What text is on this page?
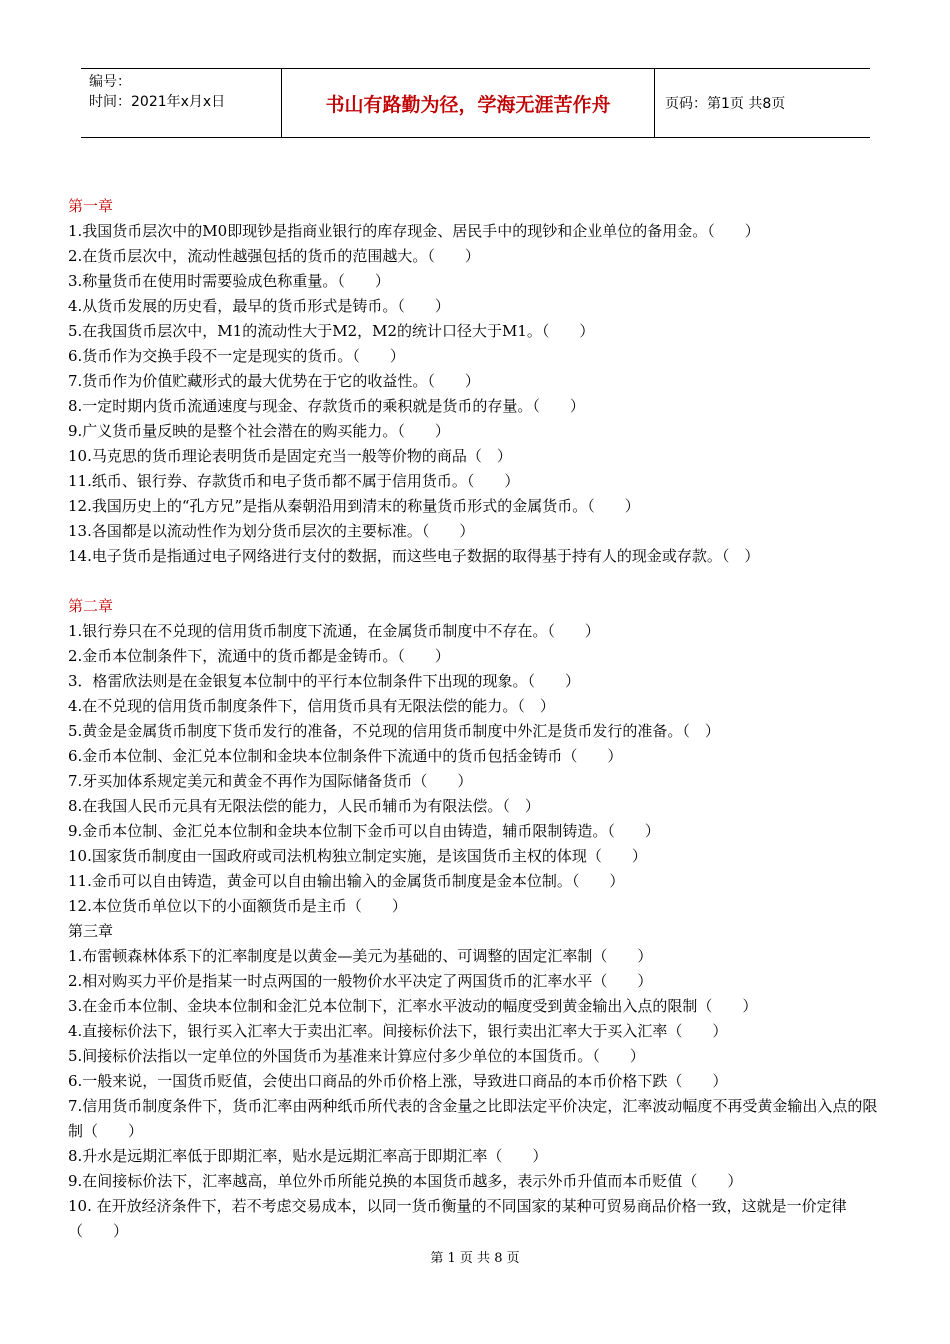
编号：
时间：2021年x月x日	书山有路勤为径，学海无涯苦作舟	页码：第1页 共8页
第一章
1.我国货币层次中的M0即现钞是指商业银行的库存现金、居民手中的现钞和企业单位的备用金。（　　）
2.在货币层次中，流动性越强包括的货币的范围越大。（　　）
3.称量货币在使用时需要验成色称重量。（　　）
4.从货币发展的历史看，最早的货币形式是铸币。（　　）
5.在我国货币层次中，M1的流动性大于M2，M2的统计口径大于M1。（　　）
6.货币作为交换手段不一定是现实的货币。（　　）
7.货币作为价值贮藏形式的最大优势在于它的收益性。（　　）
8.一定时期内货币流通速度与现金、存款货币的乘积就是货币的存量。（　　）
9.广义货币量反映的是整个社会潜在的购买能力。（　　）
10.马克思的货币理论表明货币是固定充当一般等价物的商品（　）
11.纸币、银行券、存款货币和电子货币都不属于信用货币。（　　）
12.我国历史上的“孔方兄”是指从秦朝沿用到清末的称量货币形式的金属货币。（　　）
13.各国都是以流动性作为划分货币层次的主要标准。（　　）
14.电子货币是指通过电子网络进行支付的数据，而这些电子数据的取得基于持有人的现金或存款。（　）
第二章
1.银行券只在不兑现的信用货币制度下流通，在金属货币制度中不存在。（　　）
2.金币本位制条件下，流通中的货币都是金铸币。（　　）
3．格雷欣法则是在金银复本位制中的平行本位制条件下出现的现象。（　　）
4.在不兑现的信用货币制度条件下，信用货币具有无限法偿的能力。（　）
5.黄金是金属货币制度下货币发行的准备，不兑现的信用货币制度中外汇是货币发行的准备。（　）
6.金币本位制、金汇兑本位制和金块本位制条件下流通中的货币包括金铸币（　　）
7.牙买加体系规定美元和黄金不再作为国际储备货币（　　）
8.在我国人民币元具有无限法偿的能力，人民币辅币为有限法偿。（　）
9.金币本位制、金汇兑本位制和金块本位制下金币可以自由铸造，辅币限制铸造。（　　）
10.国家货币制度由一国政府或司法机构独立制定实施，是该国货币主权的体现（　　）
11.金币可以自由铸造，黄金可以自由输出输入的金属货币制度是金本位制。（　　）
12.本位货币单位以下的小面额货币是主币（　　）
第三章
1.布雷顿森林体系下的汇率制度是以黄金—美元为基础的、可调整的固定汇率制（　　）
2.相对购买力平价是指某一时点两国的一般物价水平决定了两国货币的汇率水平（　　）
3.在金币本位制、金块本位制和金汇兑本位制下，汇率水平波动的幅度受到黄金输出入点的限制（　　）
4.直接标价法下，银行买入汇率大于卖出汇率。间接标价法下，银行卖出汇率大于买入汇率（　　）
5.间接标价法指以一定单位的外国货币为基准来计算应付多少单位的本国货币。（　　）
6.一般来说，一国货币贬值，会使出口商品的外币价格上涨，导致进口商品的本币价格下跌（　　）
7.信用货币制度条件下，货币汇率由两种纸币所代表的含金量之比即法定平价决定，汇率波动幅度不再受黄金输出入点的限制（　　）
8.升水是远期汇率低于即期汇率，贴水是远期汇率高于即期汇率（　　）
9.在间接标价法下，汇率越高，单位外币所能兑换的本国货币越多，表示外币升值而本币贬值（　　）
10. 在开放经济条件下，若不考虑交易成本，以同一货币衡量的不同国家的某种可贸易商品价格一致，这就是一价定律（　　）
第 1 页 共 8 页
